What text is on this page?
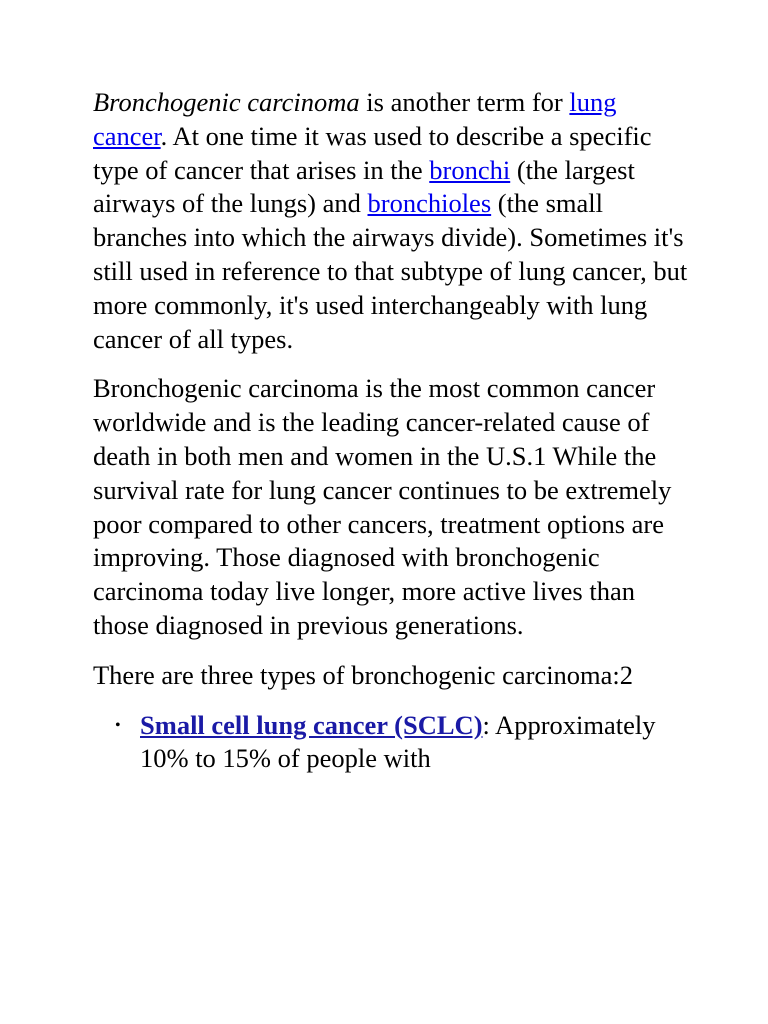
Bronchogenic carcinoma is another term for lung cancer. At one time it was used to describe a specific type of cancer that arises in the bronchi (the largest airways of the lungs) and bronchioles (the small branches into which the airways divide). Sometimes it's still used in reference to that subtype of lung cancer, but more commonly, it's used interchangeably with lung cancer of all types.

Bronchogenic carcinoma is the most common cancer worldwide and is the leading cancer-related cause of death in both men and women in the U.S.1 While the survival rate for lung cancer continues to be extremely poor compared to other cancers, treatment options are improving. Those diagnosed with bronchogenic carcinoma today live longer, more active lives than those diagnosed in previous generations.

There are three types of bronchogenic carcinoma:2

• Small cell lung cancer (SCLC): Approximately 10% to 15% of people with
